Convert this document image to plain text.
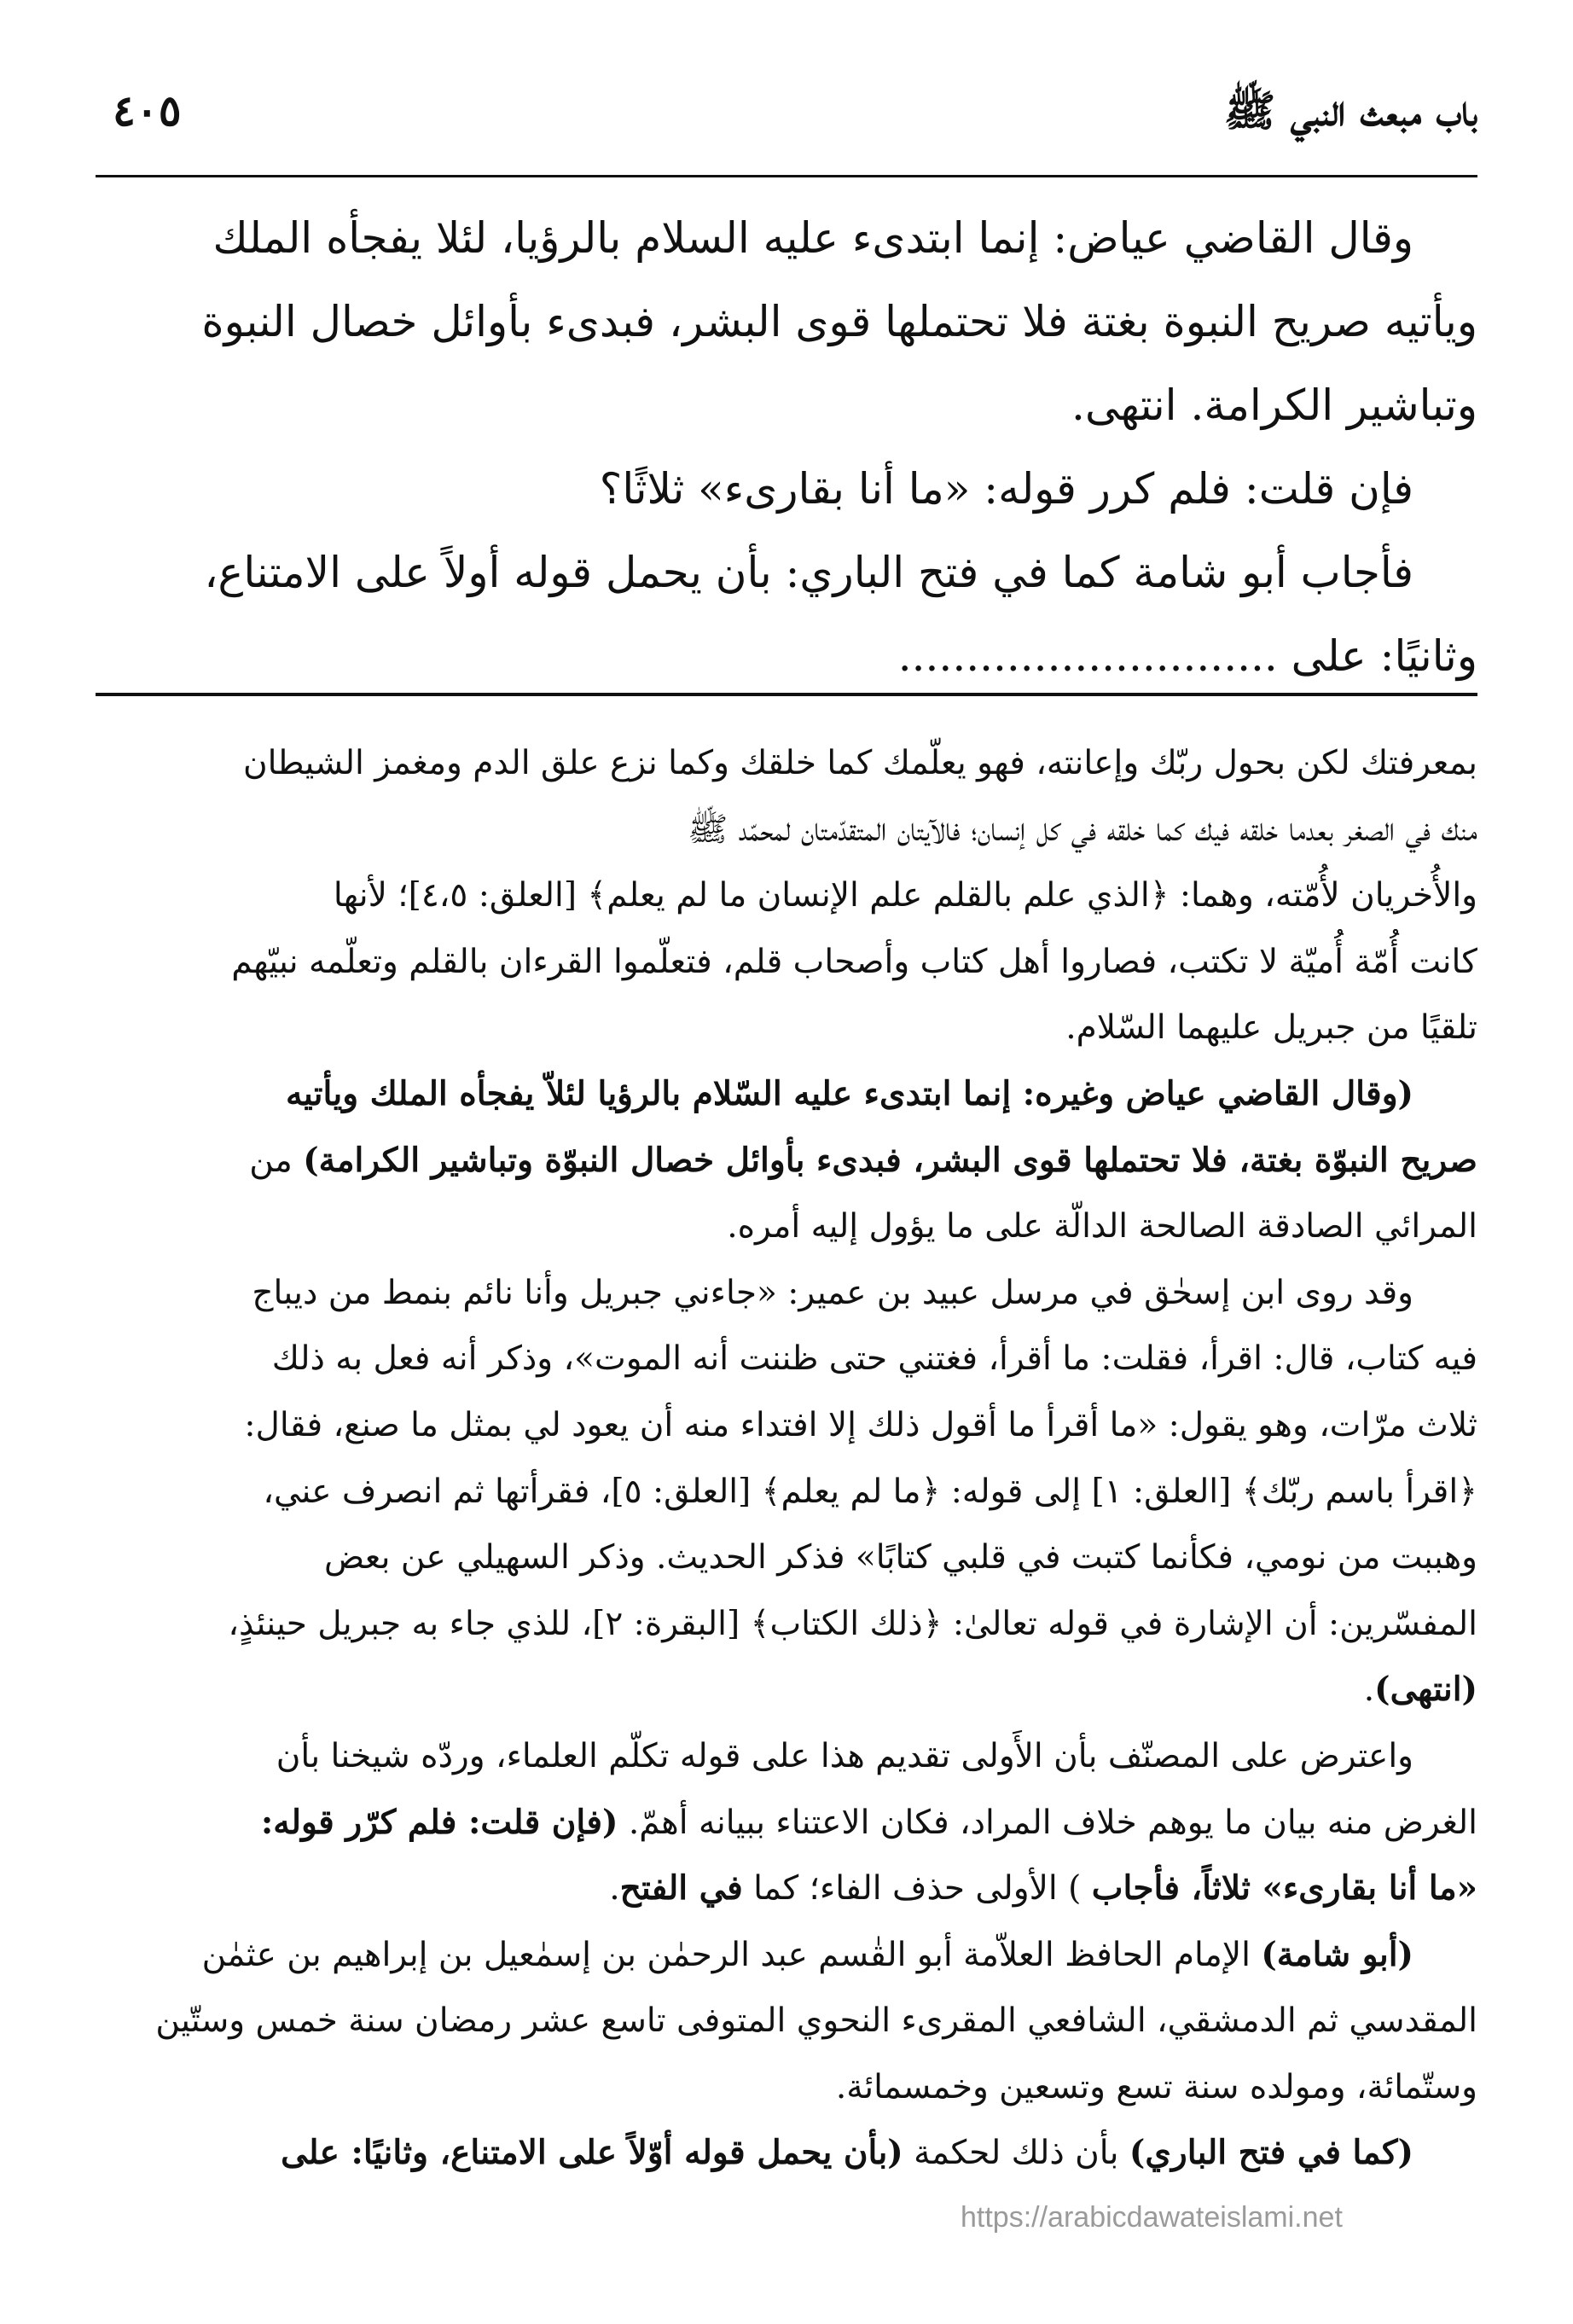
باب مبعث النبي ﷺ
٤٠٥

وقال القاضي عياض: إنما ابتدىء عليه السلام بالرؤيا، لئلا يفجأه الملك

ويأتيه صريح النبوة بغتة فلا تحتملها قوى البشر، فبدىء بأوائل خصال النبوة

وتباشير الكرامة. انتهى.

فإن قلت: فلم كرر قوله: «ما أنا بقارىء» ثلاثًا؟

فأجاب أبو شامة كما في فتح الباري: بأن يحمل قوله أولاً على الامتناع،

وثانيًا: على ............................

بمعرفتك لكن بحول ربّك وإعانته، فهو يعلّمك كما خلقك وكما نزع علق الدم ومغمز الشيطان

منك في الصغر بعدما خلقه فيك كما خلقه في كل إنسان؛ فالآيتان المتقدّمتان لمحمّد ﷺ

والأُخريان لأُمّته، وهما: ﴿الذي علم بالقلم علم الإنسان ما لم يعلم﴾ [العلق: ٤،٥]؛ لأنها

كانت أُمّة أُميّة لا تكتب، فصاروا أهل كتاب وأصحاب قلم، فتعلّموا القرءان بالقلم وتعلّمه نبيّهم

تلقيًا من جبريل عليهما السّلام.

(وقال القاضي عياض وغيره: إنما ابتدىء عليه السّلام بالرؤيا لئلاّ يفجأه الملك ويأتيه

صريح النبوّة بغتة، فلا تحتملها قوى البشر، فبدىء بأوائل خصال النبوّة وتباشير الكرامة) من

المرائي الصادقة الصالحة الدالّة على ما يؤول إليه أمره.

وقد روى ابن إسحٰق في مرسل عبيد بن عمير: «جاءني جبريل وأنا نائم بنمط من ديباج

فيه كتاب، قال: اقرأ، فقلت: ما أقرأ، فغتني حتى ظننت أنه الموت»، وذكر أنه فعل به ذلك

ثلاث مرّات، وهو يقول: «ما أقرأ ما أقول ذلك إلا افتداء منه أن يعود لي بمثل ما صنع، فقال:

﴿اقرأ باسم ربّك﴾ [العلق: ١] إلى قوله: ﴿ما لم يعلم﴾ [العلق: ٥]، فقرأتها ثم انصرف عني،

وهببت من نومي، فكأنما كتبت في قلبي كتابًا» فذكر الحديث. وذكر السهيلي عن بعض

المفسّرين: أن الإشارة في قوله تعالىٰ: ﴿ذلك الكتاب﴾ [البقرة: ٢]، للذي جاء به جبريل حينئذٍ،

(انتهى).

واعترض على المصنّف بأن الأَولى تقديم هذا على قوله تكلّم العلماء، وردّه شيخنا بأن

الغرض منه بيان ما يوهم خلاف المراد، فكان الاعتناء ببيانه أهمّ. (فإن قلت: فلم كرّر قوله:

«ما أنا بقارىء» ثلاثاً، فأجاب ) الأولى حذف الفاء؛ كما في الفتح.

(أبو شامة) الإمام الحافظ العلاّمة أبو القٰسم عبد الرحمٰن بن إسمٰعيل بن إبراهيم بن عثمٰن

المقدسي ثم الدمشقي، الشافعي المقرىء النحوي المتوفى تاسع عشر رمضان سنة خمس وستّين

وستّمائة، ومولده سنة تسع وتسعين وخمسمائة.

(كما في فتح الباري) بأن ذلك لحكمة (بأن يحمل قوله أوّلاً على الامتناع، وثانيًا: على

https://arabicdawateislami.net
